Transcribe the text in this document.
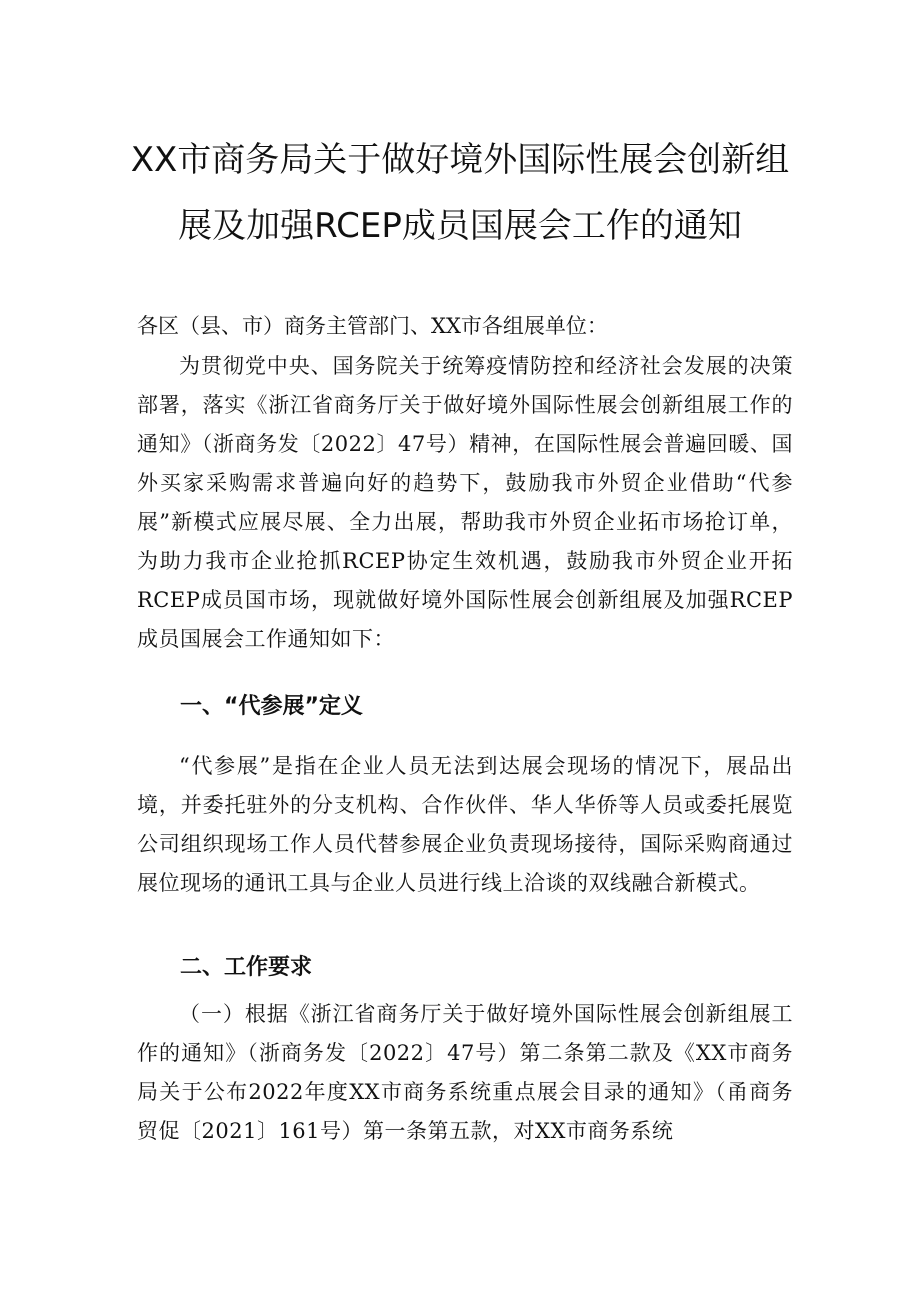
XX市商务局关于做好境外国际性展会创新组
展及加强RCEP成员国展会工作的通知
各区（县、市）商务主管部门、XX市各组展单位：
为贯彻党中央、国务院关于统筹疫情防控和经济社会发展的决策部署，落实《浙江省商务厅关于做好境外国际性展会创新组展工作的通知》（浙商务发〔2022〕47号）精神，在国际性展会普遍回暖、国外买家采购需求普遍向好的趋势下，鼓励我市外贸企业借助“代参展”新模式应展尽展、全力出展，帮助我市外贸企业拓市场抢订单，为助力我市企业抢抓RCEP协定生效机遇，鼓励我市外贸企业开拓RCEP成员国市场，现就做好境外国际性展会创新组展及加强RCEP成员国展会工作通知如下：
一、“代参展”定义
“代参展”是指在企业人员无法到达展会现场的情况下，展品出境，并委托驻外的分支机构、合作伙伴、华人华侨等人员或委托展览公司组织现场工作人员代替参展企业负责现场接待，国际采购商通过展位现场的通讯工具与企业人员进行线上洽谈的双线融合新模式。
二、工作要求
（一）根据《浙江省商务厅关于做好境外国际性展会创新组展工作的通知》（浙商务发〔2022〕47号）第二条第二款及《XX市商务局关于公布2022年度XX市商务系统重点展会目录的通知》（甬商务贸促〔2021〕161号）第一条第五款，对XX市商务系统
